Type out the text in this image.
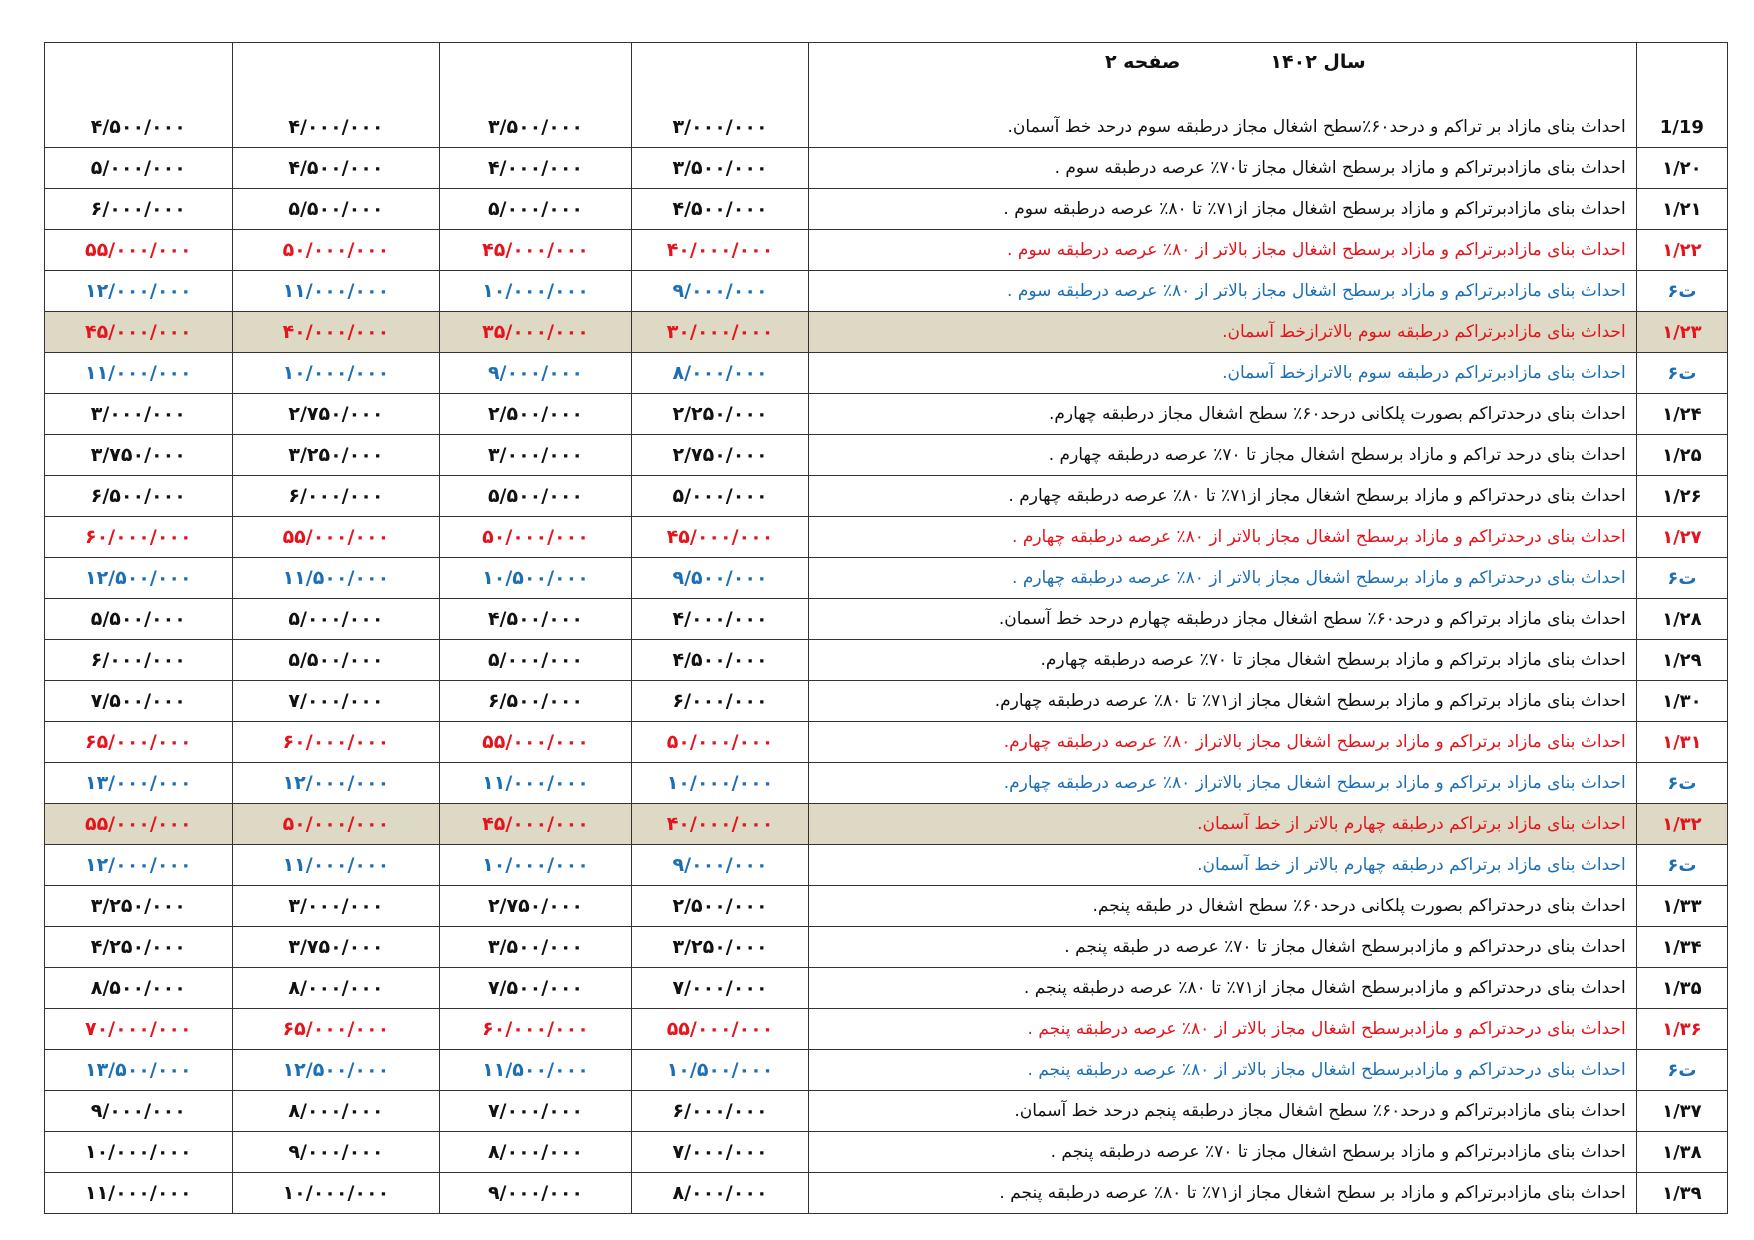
	سال ۱۴۰۲
صفحه ۲				

1/19	احداث بنای مازاد بر تراکم و درحد۶۰٪سطح اشغال مجاز درطبقه سوم درحد خط آسمان.	۳/۰۰۰/۰۰۰	۳/۵۰۰/۰۰۰	۴/۰۰۰/۰۰۰	۴/۵۰۰/۰۰۰
۱/۲۰	احداث بنای مازادبرتراکم و مازاد برسطح اشغال مجاز تا۷۰٪ عرصه درطبقه سوم .	۳/۵۰۰/۰۰۰	۴/۰۰۰/۰۰۰	۴/۵۰۰/۰۰۰	۵/۰۰۰/۰۰۰
۱/۲۱	احداث بنای مازادبرتراکم و مازاد برسطح اشغال مجاز از۷۱٪ تا ۸۰٪ عرصه درطبقه سوم .	۴/۵۰۰/۰۰۰	۵/۰۰۰/۰۰۰	۵/۵۰۰/۰۰۰	۶/۰۰۰/۰۰۰
۱/۲۲	احداث بنای مازادبرتراکم و مازاد برسطح اشغال مجاز بالاتر از ۸۰٪ عرصه درطبقه سوم .	۴۰/۰۰۰/۰۰۰	۴۵/۰۰۰/۰۰۰	۵۰/۰۰۰/۰۰۰	۵۵/۰۰۰/۰۰۰
ت۶	احداث بنای مازادبرتراکم و مازاد برسطح اشغال مجاز بالاتر از ۸۰٪ عرصه درطبقه سوم .	۹/۰۰۰/۰۰۰	۱۰/۰۰۰/۰۰۰	۱۱/۰۰۰/۰۰۰	۱۲/۰۰۰/۰۰۰
۱/۲۳	احداث بنای مازادبرتراکم درطبقه سوم بالاترازخط آسمان.	۳۰/۰۰۰/۰۰۰	۳۵/۰۰۰/۰۰۰	۴۰/۰۰۰/۰۰۰	۴۵/۰۰۰/۰۰۰
ت۶	احداث بنای مازادبرتراکم درطبقه سوم بالاترازخط آسمان.	۸/۰۰۰/۰۰۰	۹/۰۰۰/۰۰۰	۱۰/۰۰۰/۰۰۰	۱۱/۰۰۰/۰۰۰
۱/۲۴	احداث بنای درحدتراکم بصورت پلکانی درحد۶۰٪ سطح اشغال مجاز درطبقه چهارم.	۲/۲۵۰/۰۰۰	۲/۵۰۰/۰۰۰	۲/۷۵۰/۰۰۰	۳/۰۰۰/۰۰۰
۱/۲۵	احداث بنای درحد تراکم و مازاد برسطح اشغال مجاز تا ۷۰٪ عرصه درطبقه چهارم .	۲/۷۵۰/۰۰۰	۳/۰۰۰/۰۰۰	۳/۲۵۰/۰۰۰	۳/۷۵۰/۰۰۰
۱/۲۶	احداث بنای درحدتراکم و مازاد برسطح اشغال مجاز از۷۱٪ تا ۸۰٪ عرصه درطبقه چهارم .	۵/۰۰۰/۰۰۰	۵/۵۰۰/۰۰۰	۶/۰۰۰/۰۰۰	۶/۵۰۰/۰۰۰
۱/۲۷	احداث بنای درحدتراکم و مازاد برسطح اشغال مجاز بالاتر از ۸۰٪ عرصه درطبقه چهارم .	۴۵/۰۰۰/۰۰۰	۵۰/۰۰۰/۰۰۰	۵۵/۰۰۰/۰۰۰	۶۰/۰۰۰/۰۰۰
ت۶	احداث بنای درحدتراکم و مازاد برسطح اشغال مجاز بالاتر از ۸۰٪ عرصه درطبقه چهارم .	۹/۵۰۰/۰۰۰	۱۰/۵۰۰/۰۰۰	۱۱/۵۰۰/۰۰۰	۱۲/۵۰۰/۰۰۰
۱/۲۸	احداث بنای مازاد برتراکم و درحد۶۰٪ سطح اشغال مجاز درطبقه چهارم درحد خط آسمان.	۴/۰۰۰/۰۰۰	۴/۵۰۰/۰۰۰	۵/۰۰۰/۰۰۰	۵/۵۰۰/۰۰۰
۱/۲۹	احداث بنای مازاد برتراکم و مازاد برسطح اشغال مجاز تا ۷۰٪ عرصه درطبقه چهارم.	۴/۵۰۰/۰۰۰	۵/۰۰۰/۰۰۰	۵/۵۰۰/۰۰۰	۶/۰۰۰/۰۰۰
۱/۳۰	احداث بنای مازاد برتراکم و مازاد برسطح اشغال مجاز از۷۱٪ تا ۸۰٪ عرصه درطبقه چهارم.	۶/۰۰۰/۰۰۰	۶/۵۰۰/۰۰۰	۷/۰۰۰/۰۰۰	۷/۵۰۰/۰۰۰
۱/۳۱	احداث بنای مازاد برتراکم و مازاد برسطح اشغال مجاز بالاتراز ۸۰٪ عرصه درطبقه چهارم.	۵۰/۰۰۰/۰۰۰	۵۵/۰۰۰/۰۰۰	۶۰/۰۰۰/۰۰۰	۶۵/۰۰۰/۰۰۰
ت۶	احداث بنای مازاد برتراکم و مازاد برسطح اشغال مجاز بالاتراز ۸۰٪ عرصه درطبقه چهارم.	۱۰/۰۰۰/۰۰۰	۱۱/۰۰۰/۰۰۰	۱۲/۰۰۰/۰۰۰	۱۳/۰۰۰/۰۰۰
۱/۳۲	احداث بنای مازاد برتراکم درطبقه چهارم بالاتر از خط آسمان.	۴۰/۰۰۰/۰۰۰	۴۵/۰۰۰/۰۰۰	۵۰/۰۰۰/۰۰۰	۵۵/۰۰۰/۰۰۰
ت۶	احداث بنای مازاد برتراکم درطبقه چهارم بالاتر از خط آسمان.	۹/۰۰۰/۰۰۰	۱۰/۰۰۰/۰۰۰	۱۱/۰۰۰/۰۰۰	۱۲/۰۰۰/۰۰۰
۱/۳۳	احداث بنای درحدتراکم بصورت پلکانی درحد۶۰٪ سطح اشغال در طبقه پنجم.	۲/۵۰۰/۰۰۰	۲/۷۵۰/۰۰۰	۳/۰۰۰/۰۰۰	۳/۲۵۰/۰۰۰
۱/۳۴	احداث بنای درحدتراکم و مازادبرسطح اشغال مجاز تا ۷۰٪ عرصه در طبقه پنجم .	۳/۲۵۰/۰۰۰	۳/۵۰۰/۰۰۰	۳/۷۵۰/۰۰۰	۴/۲۵۰/۰۰۰
۱/۳۵	احداث بنای درحدتراکم و مازادبرسطح اشغال مجاز از۷۱٪ تا ۸۰٪ عرصه درطبقه پنجم .	۷/۰۰۰/۰۰۰	۷/۵۰۰/۰۰۰	۸/۰۰۰/۰۰۰	۸/۵۰۰/۰۰۰
۱/۳۶	احداث بنای درحدتراکم و مازادبرسطح اشغال مجاز بالاتر از ۸۰٪ عرصه درطبقه پنجم .	۵۵/۰۰۰/۰۰۰	۶۰/۰۰۰/۰۰۰	۶۵/۰۰۰/۰۰۰	۷۰/۰۰۰/۰۰۰
ت۶	احداث بنای درحدتراکم و مازادبرسطح اشغال مجاز بالاتر از ۸۰٪ عرصه درطبقه پنجم .	۱۰/۵۰۰/۰۰۰	۱۱/۵۰۰/۰۰۰	۱۲/۵۰۰/۰۰۰	۱۳/۵۰۰/۰۰۰
۱/۳۷	احداث بنای مازادبرتراکم و درحد۶۰٪ سطح اشغال مجاز درطبقه پنجم درحد خط آسمان.	۶/۰۰۰/۰۰۰	۷/۰۰۰/۰۰۰	۸/۰۰۰/۰۰۰	۹/۰۰۰/۰۰۰
۱/۳۸	احداث بنای مازادبرتراکم و مازاد برسطح اشغال مجاز تا ۷۰٪ عرصه درطبقه پنجم .	۷/۰۰۰/۰۰۰	۸/۰۰۰/۰۰۰	۹/۰۰۰/۰۰۰	۱۰/۰۰۰/۰۰۰
۱/۳۹	احداث بنای مازادبرتراکم و مازاد بر سطح اشغال مجاز از۷۱٪ تا ۸۰٪ عرصه درطبقه پنجم .	۸/۰۰۰/۰۰۰	۹/۰۰۰/۰۰۰	۱۰/۰۰۰/۰۰۰	۱۱/۰۰۰/۰۰۰
